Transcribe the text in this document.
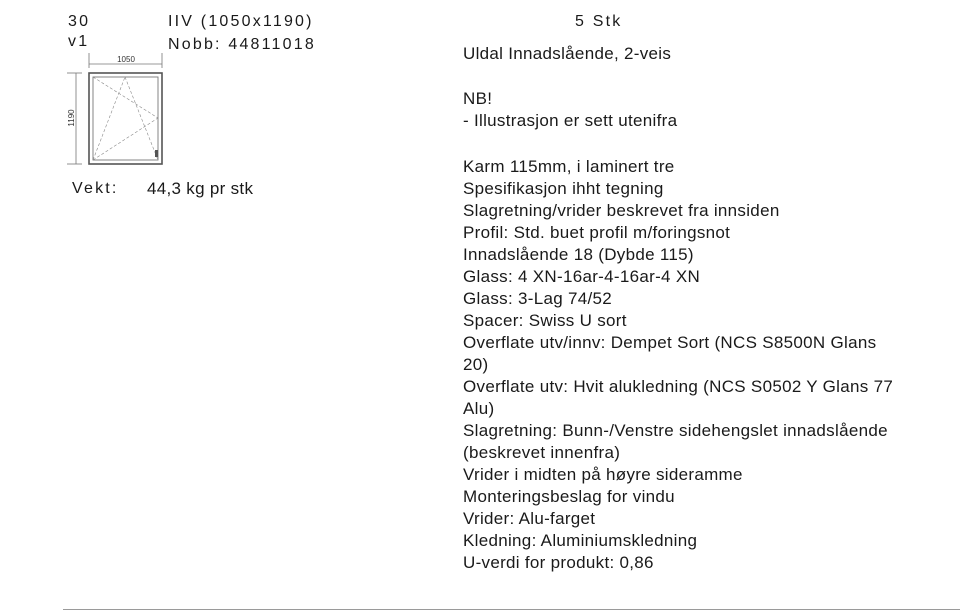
30
v1
IIV (1050x1190)
Nobb: 44811018
5 Stk
Uldal Innadslående, 2-veis
1050
1190
Vekt: 44,3 kg pr stk
NB!
- Illustrasjon er sett utenifra
Karm 115mm, i laminert tre
Spesifikasjon ihht tegning
Slagretning/vrider beskrevet fra innsiden
Profil: Std. buet profil m/foringsnot
Innadslående 18 (Dybde 115)
Glass: 4 XN-16ar-4-16ar-4 XN
Glass: 3-Lag 74/52
Spacer: Swiss U sort
Overflate utv/innv: Dempet Sort (NCS S8500N Glans
20)
Overflate utv: Hvit alukledning (NCS S0502 Y Glans 77
Alu)
Slagretning: Bunn-/Venstre sidehengslet innadslående
(beskrevet innenfra)
Vrider i midten på høyre sideramme
Monteringsbeslag for vindu
Vrider: Alu-farget
Kledning: Aluminiumskledning
U-verdi for produkt: 0,86
